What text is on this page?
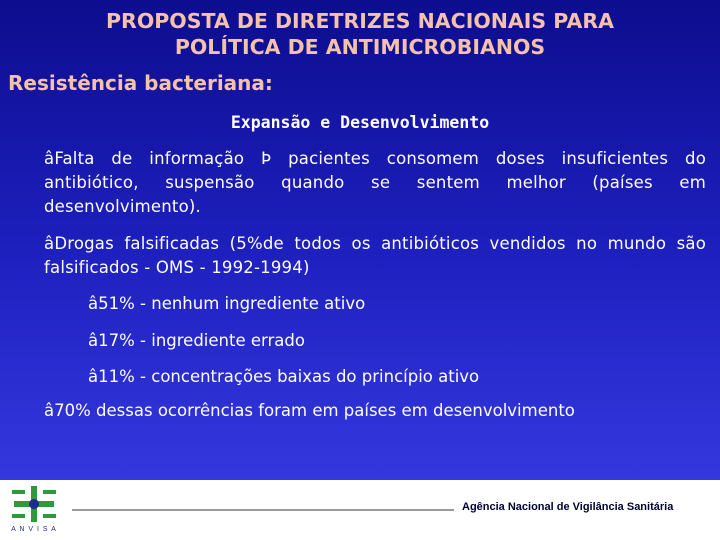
PROPOSTA DE DIRETRIZES NACIONAIS PARA
POLÍTICA DE ANTIMICROBIANOS
Resistência bacteriana:
Expansão e Desenvolvimento
âFalta de informação Þ pacientes consomem doses insuficientes do antibiótico, suspensão quando se sentem melhor (países em desenvolvimento).
âDrogas falsificadas (5%de todos os antibióticos vendidos no mundo são falsificados - OMS - 1992-1994)
â51% - nenhum ingrediente ativo
â17% - ingrediente errado
â11% - concentrações baixas do princípio ativo
â70% dessas ocorrências foram em países em desenvolvimento
A N V I S A
Agência Nacional de Vigilância Sanitária
